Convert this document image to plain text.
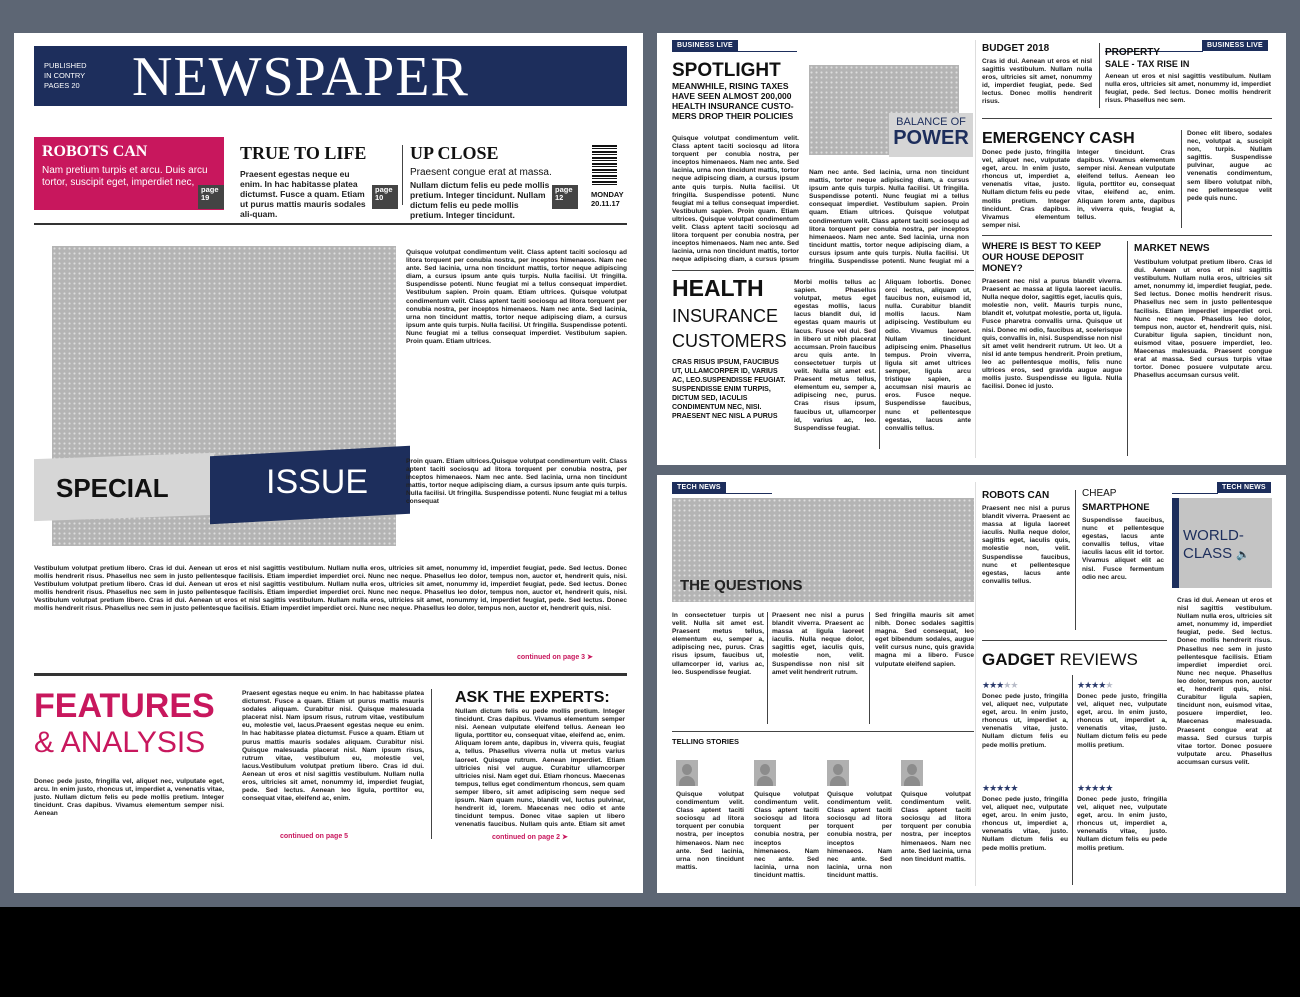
PUBLISHED
IN CONTRY
PAGES 20 NEWSPAPER
ROBOTS CAN
Nam pretium turpis et arcu. Duis arcu tortor, suscipit eget, imperdiet nec,
page
19
TRUE TO LIFE
Praesent egestas neque eu enim. In hac habitasse platea dictumst. Fusce a quam. Etiam ut purus mattis mauris sodales ali-quam.
page
10
UP CLOSE
Praesent congue erat at massa.
Nullam dictum felis eu pede mollis pretium. Integer tincidunt. Nullam dictum felis eu pede mollis pretium. Integer tincidunt.
page
12	MONDAY
20.11.17
SPECIAL	ISSUE
Quisque volutpat condimentum velit. Class aptent taciti sociosqu ad litora torquent per conubia nostra, per inceptos himenaeos. Nam nec ante. Sed lacinia, urna non tincidunt mattis, tortor neque adipiscing diam, a cursus ipsum ante quis turpis. Nulla facilisi. Ut fringilla. Suspendisse potenti. Nunc feugiat mi a tellus consequat imperdiet. Vestibulum sapien. Proin quam. Etiam ultrices. Quisque volutpat condimentum velit. Class aptent taciti sociosqu ad litora torquent per conubia nostra, per inceptos himenaeos. Nam nec ante. Sed lacinia, urna non tincidunt mattis, tortor neque adipiscing diam, a cursus ipsum ante quis turpis. Nulla facilisi. Ut fringilla. Suspendisse potenti. Nunc feugiat mi a tellus consequat imperdiet. Vestibulum sapien. Proin quam. Etiam ultrices.
Proin quam. Etiam ultrices.Quisque volutpat condimentum velit. Class aptent taciti sociosqu ad litora torquent per conubia nostra, per inceptos himenaeos. Nam nec ante. Sed lacinia, urna non tincidunt mattis, tortor neque adipiscing diam, a cursus ipsum ante quis turpis. Nulla facilisi. Ut fringilla. Suspendisse potenti. Nunc feugiat mi a tellus consequat
Vestibulum volutpat pretium libero. Cras id dui. Aenean ut eros et nisl sagittis vestibulum. Nullam nulla eros, ultricies sit amet, nonummy id, imperdiet feugiat, pede. Sed lectus. Donec mollis hendrerit risus. Phasellus nec sem in justo pellentesque facilisis. Etiam imperdiet imperdiet orci. Nunc nec neque. Phasellus leo dolor, tempus non, auctor et, hendrerit quis, nisi. Vestibulum volutpat pretium libero. Cras id dui. Aenean ut eros et nisl sagittis vestibulum. Nullam nulla eros, ultricies sit amet, nonummy id, imperdiet feugiat, pede. Sed lectus. Donec mollis hendrerit risus. Phasellus nec sem in justo pellentesque facilisis. Etiam imperdiet imperdiet orci. Nunc nec neque. Phasellus leo dolor, tempus non, auctor et, hendrerit quis, nisi. Vestibulum volutpat pretium libero. Cras id dui. Aenean ut eros et nisl sagittis vestibulum. Nullam nulla eros, ultricies sit amet, nonummy id, imperdiet feugiat, pede. Sed lectus. Donec mollis hendrerit risus. Phasellus nec sem in justo pellentesque facilisis. Etiam imperdiet imperdiet orci. Nunc nec neque. Phasellus leo dolor, tempus non, auctor et, hendrerit quis, nisi.
continued on page 3 ➤
FEATURES
& ANALYSIS
Donec pede justo, fringilla vel, aliquet nec, vulputate eget, arcu. In enim justo, rhoncus ut, imperdiet a, venenatis vitae, justo. Nullam dictum felis eu pede mollis pretium. Integer tincidunt. Cras dapibus. Vivamus elementum semper nisi. Aenean
Praesent egestas neque eu enim. In hac habitasse platea dictumst. Fusce a quam. Etiam ut purus mattis mauris sodales aliquam. Curabitur nisi. Quisque malesuada placerat nisl. Nam ipsum risus, rutrum vitae, vestibulum eu, molestie vel, lacus.Praesent egestas neque eu enim. In hac habitasse platea dictumst. Fusce a quam. Etiam ut purus mattis mauris sodales aliquam. Curabitur nisi. Quisque malesuada placerat nisl. Nam ipsum risus, rutrum vitae, vestibulum eu, molestie vel, lacus.Vestibulum volutpat pretium libero. Cras id dui. Aenean ut eros et nisl sagittis vestibulum. Nullam nulla eros, ultricies sit amet, nonummy id, imperdiet feugiat, pede. Sed lectus. Aenean leo ligula, porttitor eu, consequat vitae, eleifend ac, enim.
continued on page 5
ASK THE EXPERTS:
Nullam dictum felis eu pede mollis pretium. Integer tincidunt. Cras dapibus. Vivamus elementum semper nisi. Aenean vulputate eleifend tellus. Aenean leo ligula, porttitor eu, consequat vitae, eleifend ac, enim. Aliquam lorem ante, dapibus in, viverra quis, feugiat a, tellus. Phasellus viverra nulla ut metus varius laoreet. Quisque rutrum. Aenean imperdiet. Etiam ultricies nisi vel augue. Curabitur ullamcorper ultricies nisi. Nam eget dui. Etiam rhoncus. Maecenas tempus, tellus eget condimentum rhoncus, sem quam semper libero, sit amet adipiscing sem neque sed ipsum. Nam quam nunc, blandit vel, luctus pulvinar, hendrerit id, lorem. Maecenas nec odio et ante tincidunt tempus. Donec vitae sapien ut libero venenatis faucibus. Nullam quis ante. Etiam sit amet
continued on page 2 ➤
BUSINESS LIVE
SPOTLIGHT
MEANWHILE, RISING TAXES HAVE SEEN ALMOST 200,000 HEALTH INSURANCE CUSTO-MERS DROP THEIR POLICIES
Quisque volutpat condimentum velit. Class aptent taciti sociosqu ad litora torquent per conubia nostra, per inceptos himenaeos. Nam nec ante. Sed lacinia, urna non tincidunt mattis, tortor neque adipiscing diam, a cursus ipsum ante quis turpis. Nulla facilisi. Ut fringilla. Suspendisse potenti. Nunc feugiat mi a tellus consequat imperdiet. Vestibulum sapien. Proin quam. Etiam ultrices. Quisque volutpat condimentum velit. Class aptent taciti sociosqu ad litora torquent per conubia nostra, per inceptos himenaeos. Nam nec ante. Sed lacinia, urna non tincidunt mattis, tortor neque adipiscing diam, a cursus ipsum
BALANCE OF
POWER
Nam nec ante. Sed lacinia, urna non tincidunt mattis, tortor neque adipiscing diam, a cursus ipsum ante quis turpis. Nulla facilisi. Ut fringilla. Suspendisse potenti. Nunc feugiat mi a tellus consequat imperdiet. Vestibulum sapien. Proin quam. Etiam ultrices. Quisque volutpat condimentum velit. Class aptent taciti sociosqu ad litora torquent per conubia nostra, per inceptos himenaeos. Nam nec ante. Sed lacinia, urna non tincidunt mattis, tortor neque adipiscing diam, a cursus ipsum ante quis turpis. Nulla facilisi. Ut fringilla. Suspendisse potenti. Nunc feugiat mi a
HEALTH
INSURANCE
CUSTOMERS
CRAS RISUS IPSUM, FAUCIBUS UT, ULLAMCORPER ID, VARIUS AC, LEO.SUSPENDISSE FEUGIAT. SUSPENDISSE ENIM TURPIS, DICTUM SED, IACULIS CONDIMENTUM NEC, NISI. PRAESENT NEC NISL A PURUS
Morbi mollis tellus ac sapien. Phasellus volutpat, metus eget egestas mollis, lacus lacus blandit dui, id egestas quam mauris ut lacus. Fusce vel dui. Sed in libero ut nibh placerat accumsan. Proin faucibus arcu quis ante. In consectetuer turpis ut velit. Nulla sit amet est. Praesent metus tellus, elementum eu, semper a, adipiscing nec, purus. Cras risus ipsum, faucibus ut, ullamcorper id, varius ac, leo. Suspendisse feugiat.
Aliquam lobortis. Donec orci lectus, aliquam ut, faucibus non, euismod id, nulla. Curabitur blandit mollis lacus. Nam adipiscing. Vestibulum eu odio. Vivamus laoreet. Nullam tincidunt adipiscing enim. Phasellus tempus. Proin viverra, ligula sit amet ultrices semper, ligula arcu tristique sapien, a accumsan nisi mauris ac eros. Fusce neque. Suspendisse faucibus, nunc et pellentesque egestas, lacus ante convallis tellus.
BUDGET 2018
Cras id dui. Aenean ut eros et nisl sagittis vestibulum. Nullam nulla eros, ultricies sit amet, nonummy id, imperdiet feugiat, pede. Sed lectus. Donec mollis hendrerit risus.
BUSINESS LIVE
PROPERTY
SALE - TAX RISE IN
Aenean ut eros et nisl sagittis vestibulum. Nullam nulla eros, ultricies sit amet, nonummy id, imperdiet feugiat, pede. Sed lectus. Donec mollis hendrerit risus. Phasellus nec sem.
EMERGENCY CASH
Donec pede justo, fringilla vel, aliquet nec, vulputate eget, arcu. In enim justo, rhoncus ut, imperdiet a, venenatis vitae, justo. Nullam dictum felis eu pede mollis pretium. Integer tincidunt. Cras dapibus. Vivamus elementum semper nisi.
Integer tincidunt. Cras dapibus. Vivamus elementum semper nisi. Aenean vulputate eleifend tellus. Aenean leo ligula, porttitor eu, consequat vitae, eleifend ac, enim. Aliquam lorem ante, dapibus in, viverra quis, feugiat a, tellus.
Donec elit libero, sodales nec, volutpat a, suscipit non, turpis. Nullam sagittis. Suspendisse pulvinar, augue ac venenatis condimentum, sem libero volutpat nibh, nec pellentesque velit pede quis nunc.
WHERE IS BEST TO KEEP OUR HOUSE DEPOSIT MONEY?
Praesent nec nisl a purus blandit viverra. Praesent ac massa at ligula laoreet iaculis. Nulla neque dolor, sagittis eget, iaculis quis, molestie non, velit. Mauris turpis nunc, blandit et, volutpat molestie, porta ut, ligula. Fusce pharetra convallis urna. Quisque ut nisi. Donec mi odio, faucibus at, scelerisque quis, convallis in, nisi. Suspendisse non nisl sit amet velit hendrerit rutrum. Ut leo. Ut a nisl id ante tempus hendrerit. Proin pretium, leo ac pellentesque mollis, felis nunc ultrices eros, sed gravida augue augue mollis justo. Suspendisse eu ligula. Nulla facilisi. Donec id justo.
MARKET NEWS
Vestibulum volutpat pretium libero. Cras id dui. Aenean ut eros et nisl sagittis vestibulum. Nullam nulla eros, ultricies sit amet, nonummy id, imperdiet feugiat, pede. Sed lectus. Donec mollis hendrerit risus. Phasellus nec sem in justo pellentesque facilisis. Etiam imperdiet imperdiet orci. Nunc nec neque. Phasellus leo dolor, tempus non, auctor et, hendrerit quis, nisi. Curabitur ligula sapien, tincidunt non, euismod vitae, posuere imperdiet, leo. Maecenas malesuada. Praesent congue erat at massa. Sed cursus turpis vitae tortor. Donec posuere vulputate arcu. Phasellus accumsan cursus velit.
TECH NEWS
THE QUESTIONS
In consectetuer turpis ut velit. Nulla sit amet est. Praesent metus tellus, elementum eu, semper a, adipiscing nec, purus. Cras risus ipsum, faucibus ut, ullamcorper id, varius ac, leo. Suspendisse feugiat.
Praesent nec nisl a purus blandit viverra. Praesent ac massa at ligula laoreet iaculis. Nulla neque dolor, sagittis eget, iaculis quis, molestie non, velit. Suspendisse non nisl sit amet velit hendrerit rutrum.
Sed fringilla mauris sit amet nibh. Donec sodales sagittis magna. Sed consequat, leo eget bibendum sodales, augue velit cursus nunc, quis gravida magna mi a libero. Fusce vulputate eleifend sapien.
TELLING STORIES
Quisque volutpat condimentum velit. Class aptent taciti sociosqu ad litora torquent per conubia nostra, per inceptos himenaeos. Nam nec ante. Sed lacinia, urna non tincidunt mattis.
Quisque volutpat condimentum velit. Class aptent taciti sociosqu ad litora torquent per conubia nostra, per inceptos himenaeos. Nam nec ante. Sed lacinia, urna non tincidunt mattis.
Quisque volutpat condimentum velit. Class aptent taciti sociosqu ad litora torquent per conubia nostra, per inceptos himenaeos. Nam nec ante. Sed lacinia, urna non tincidunt mattis.
Quisque volutpat condimentum velit. Class aptent taciti sociosqu ad litora torquent per conubia nostra, per inceptos himenaeos. Nam nec ante. Sed lacinia, urna non tincidunt mattis.
ROBOTS CAN
Praesent nec nisl a purus blandit viverra. Praesent ac massa at ligula laoreet iaculis. Nulla neque dolor, sagittis eget, iaculis quis, molestie non, velit. Suspendisse faucibus, nunc et pellentesque egestas, lacus ante convallis tellus.
CHEAP
SMARTPHONE
Suspendisse faucibus, nunc et pellentesque egestas, lacus ante convallis tellus, vitae iaculis lacus elit id tortor. Vivamus aliquet elit ac nisl. Fusce fermentum odio nec arcu.
TECH NEWS
WORLD-
CLASS 🔈
Cras id dui. Aenean ut eros et nisl sagittis vestibulum. Nullam nulla eros, ultricies sit amet, nonummy id, imperdiet feugiat, pede. Sed lectus. Donec mollis hendrerit risus. Phasellus nec sem in justo pellentesque facilisis. Etiam imperdiet imperdiet orci. Nunc nec neque. Phasellus leo dolor, tempus non, auctor et, hendrerit quis, nisi. Curabitur ligula sapien, tincidunt non, euismod vitae, posuere imperdiet, leo. Maecenas malesuada. Praesent congue erat at massa. Sed cursus turpis vitae tortor. Donec posuere vulputate arcu. Phasellus accumsan cursus velit.
GADGET REVIEWS
★★★★★
Donec pede justo, fringilla vel, aliquet nec, vulputate eget, arcu. In enim justo, rhoncus ut, imperdiet a, venenatis vitae, justo. Nullam dictum felis eu pede mollis pretium.
★★★★★
Donec pede justo, fringilla vel, aliquet nec, vulputate eget, arcu. In enim justo, rhoncus ut, imperdiet a, venenatis vitae, justo. Nullam dictum felis eu pede mollis pretium.
★★★★★
Donec pede justo, fringilla vel, aliquet nec, vulputate eget, arcu. In enim justo, rhoncus ut, imperdiet a, venenatis vitae, justo. Nullam dictum felis eu pede mollis pretium.
★★★★★
Donec pede justo, fringilla vel, aliquet nec, vulputate eget, arcu. In enim justo, rhoncus ut, imperdiet a, venenatis vitae, justo. Nullam dictum felis eu pede mollis pretium.
